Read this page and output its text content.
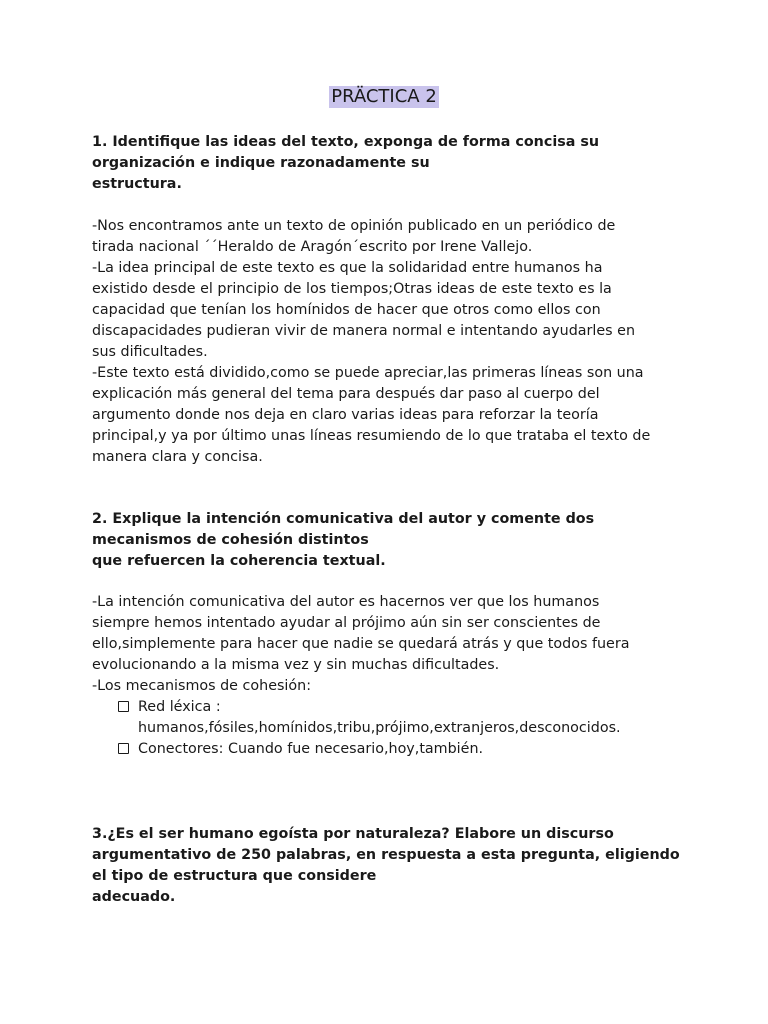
PRÄCTICA 2

1. Identifique las ideas del texto, exponga de forma concisa su
organización e indique razonadamente su
estructura.

-Nos encontramos ante un texto de opinión publicado en un periódico de
tirada nacional ´´Heraldo de Aragón´escrito por Irene Vallejo.
-La idea principal de este texto es que la solidaridad entre humanos ha
existido desde el principio de los tiempos;Otras ideas de este texto es la
capacidad que tenían los homínidos de hacer que otros como ellos con
discapacidades pudieran vivir de manera normal e intentando ayudarles en
sus dificultades.
-Este texto está dividido,como se puede apreciar,las primeras líneas son una
explicación más general del tema para después dar paso al cuerpo del
argumento donde nos deja en claro varias ideas para reforzar la teoría
principal,y ya por último unas líneas resumiendo de lo que trataba el texto de
manera clara y concisa.

2. Explique la intención comunicativa del autor y comente dos
mecanismos de cohesión distintos
que refuercen la coherencia textual.

-La intención comunicativa del autor es hacernos ver que los humanos
siempre hemos intentado ayudar al prójimo aún sin ser conscientes de
ello,simplemente para hacer que nadie se quedará atrás y que todos fuera
evolucionando a la misma vez y sin muchas dificultades.
-Los mecanismos de cohesión:

Red léxica :
humanos,fósiles,homínidos,tribu,prójimo,extranjeros,desconocidos.
Conectores: Cuando fue necesario,hoy,también.

3.¿Es el ser humano egoísta por naturaleza? Elabore un discurso
argumentativo de 250 palabras, en respuesta a esta pregunta, eligiendo
el tipo de estructura que considere
adecuado.
